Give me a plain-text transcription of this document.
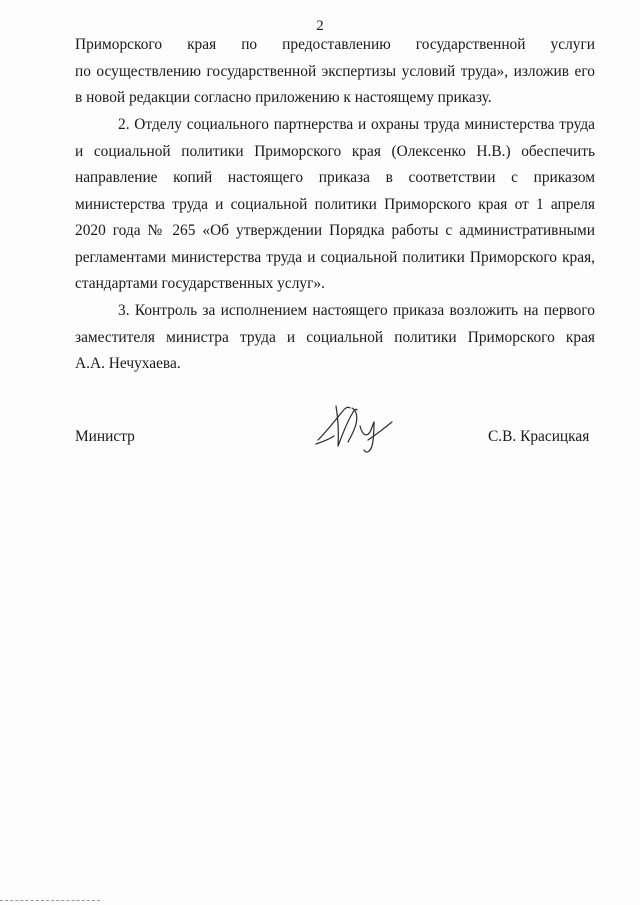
2
Приморского края по предоставлению государственной услуги
по осуществлению государственной экспертизы условий труда», изложив его
в новой редакции согласно приложению к настоящему приказу.
2. Отделу социального партнерства и охраны труда министерства труда
и социальной политики Приморского края (Олексенко Н.В.) обеспечить
направление копий настоящего приказа в соответствии с приказом
министерства труда и социальной политики Приморского края от 1 апреля
2020 года № 265 «Об утверждении Порядка работы с административными
регламентами министерства труда и социальной политики Приморского края,
стандартами государственных услуг».
3. Контроль за исполнением настоящего приказа возложить на первого
заместителя министра труда и социальной политики Приморского края
А.А. Нечухаева.
Министр	С.В. Красицкая
